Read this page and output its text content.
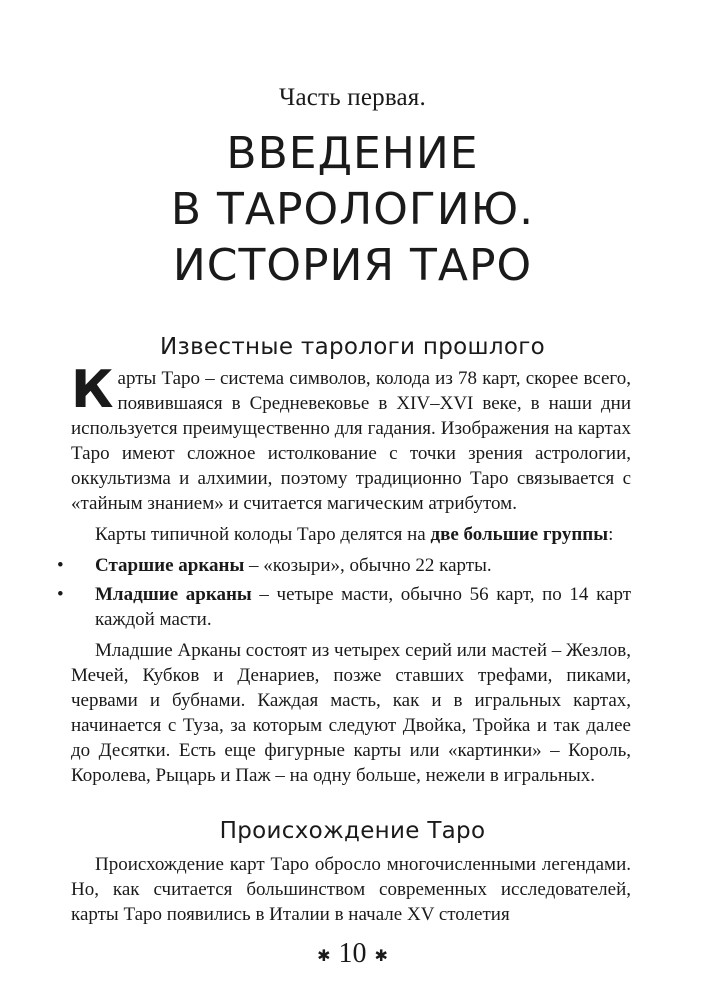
Часть первая.
ВВЕДЕНИЕ
В ТАРОЛОГИЮ.
ИСТОРИЯ ТАРО
Известные тарологи прошлого

Карты Таро – система символов, колода из 78 карт, скорее всего, появившаяся в Средневековье в XIV–XVI веке, в наши дни используется преимущественно для гадания. Изображения на картах Таро имеют сложное истолкование с точки зрения астрологии, оккультизма и алхимии, поэтому традиционно Таро связывается с «тайным знанием» и считается магическим атрибутом.

Карты типичной колоды Таро делятся на две большие группы:

• Старшие арканы – «козыри», обычно 22 карты.
• Младшие арканы – четыре масти, обычно 56 карт, по 14 карт каждой масти.

Младшие Арканы состоят из четырех серий или мастей – Жезлов, Мечей, Кубков и Денариев, позже ставших трефами, пиками, червами и бубнами. Каждая масть, как и в игральных картах, начинается с Туза, за которым следуют Двойка, Тройка и так далее до Десятки. Есть еще фигурные карты или «картинки» – Король, Королева, Рыцарь и Паж – на одну больше, нежели в игральных.

Происхождение Таро

Происхождение карт Таро обросло многочисленными легендами. Но, как считается большинством современных исследователей, карты Таро появились в Италии в начале XV столетия

✱ 10 ✱
